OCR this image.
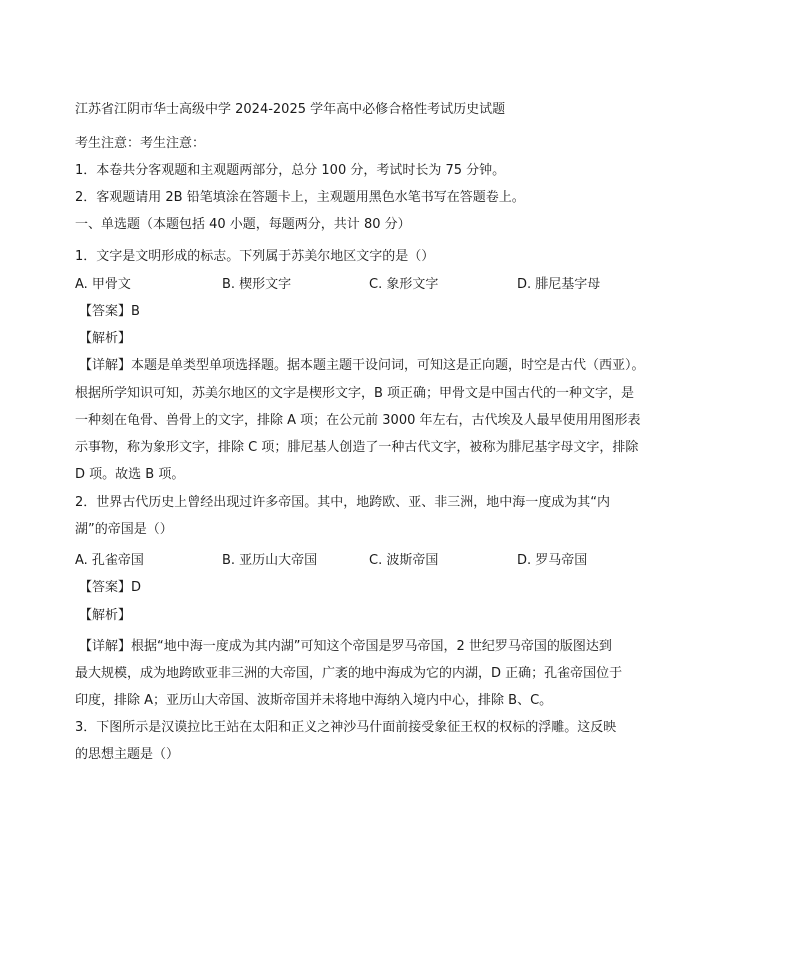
江苏省江阴市华士高级中学 2024-2025 学年高中必修合格性考试历史试题
考生注意：考生注意：
1．本卷共分客观题和主观题两部分，总分 100 分，考试时长为 75 分钟。
2．客观题请用 2B 铅笔填涂在答题卡上，主观题用黑色水笔书写在答题卷上。
一、单选题（本题包括 40 小题，每题两分，共计 80 分）
1．文字是文明形成的标志。下列属于苏美尔地区文字的是（）
A. 甲骨文	B. 楔形文字	C. 象形文字	D. 腓尼基字母
【答案】B
【解析】
【详解】本题是单类型单项选择题。据本题主题干设问词，可知这是正向题，时空是古代（西亚）。
根据所学知识可知，苏美尔地区的文字是楔形文字，B 项正确；甲骨文是中国古代的一种文字，是
一种刻在龟骨、兽骨上的文字，排除 A 项；在公元前 3000 年左右，古代埃及人最早使用用图形表
示事物，称为象形文字，排除 C 项；腓尼基人创造了一种古代文字，被称为腓尼基字母文字，排除
D 项。故选 B 项。
2．世界古代历史上曾经出现过许多帝国。其中，地跨欧、亚、非三洲，地中海一度成为其“内
湖”的帝国是（）
A. 孔雀帝国	B. 亚历山大帝国	C. 波斯帝国	D. 罗马帝国
【答案】D
【解析】
【详解】根据“地中海一度成为其内湖”可知这个帝国是罗马帝国，2 世纪罗马帝国的版图达到
最大规模，成为地跨欧亚非三洲的大帝国，广袤的地中海成为它的内湖，D 正确；孔雀帝国位于
印度，排除 A；亚历山大帝国、波斯帝国并未将地中海纳入境内中心，排除 B、C。
3．下图所示是汉谟拉比王站在太阳和正义之神沙马什面前接受象征王权的权标的浮雕。这反映
的思想主题是（）
